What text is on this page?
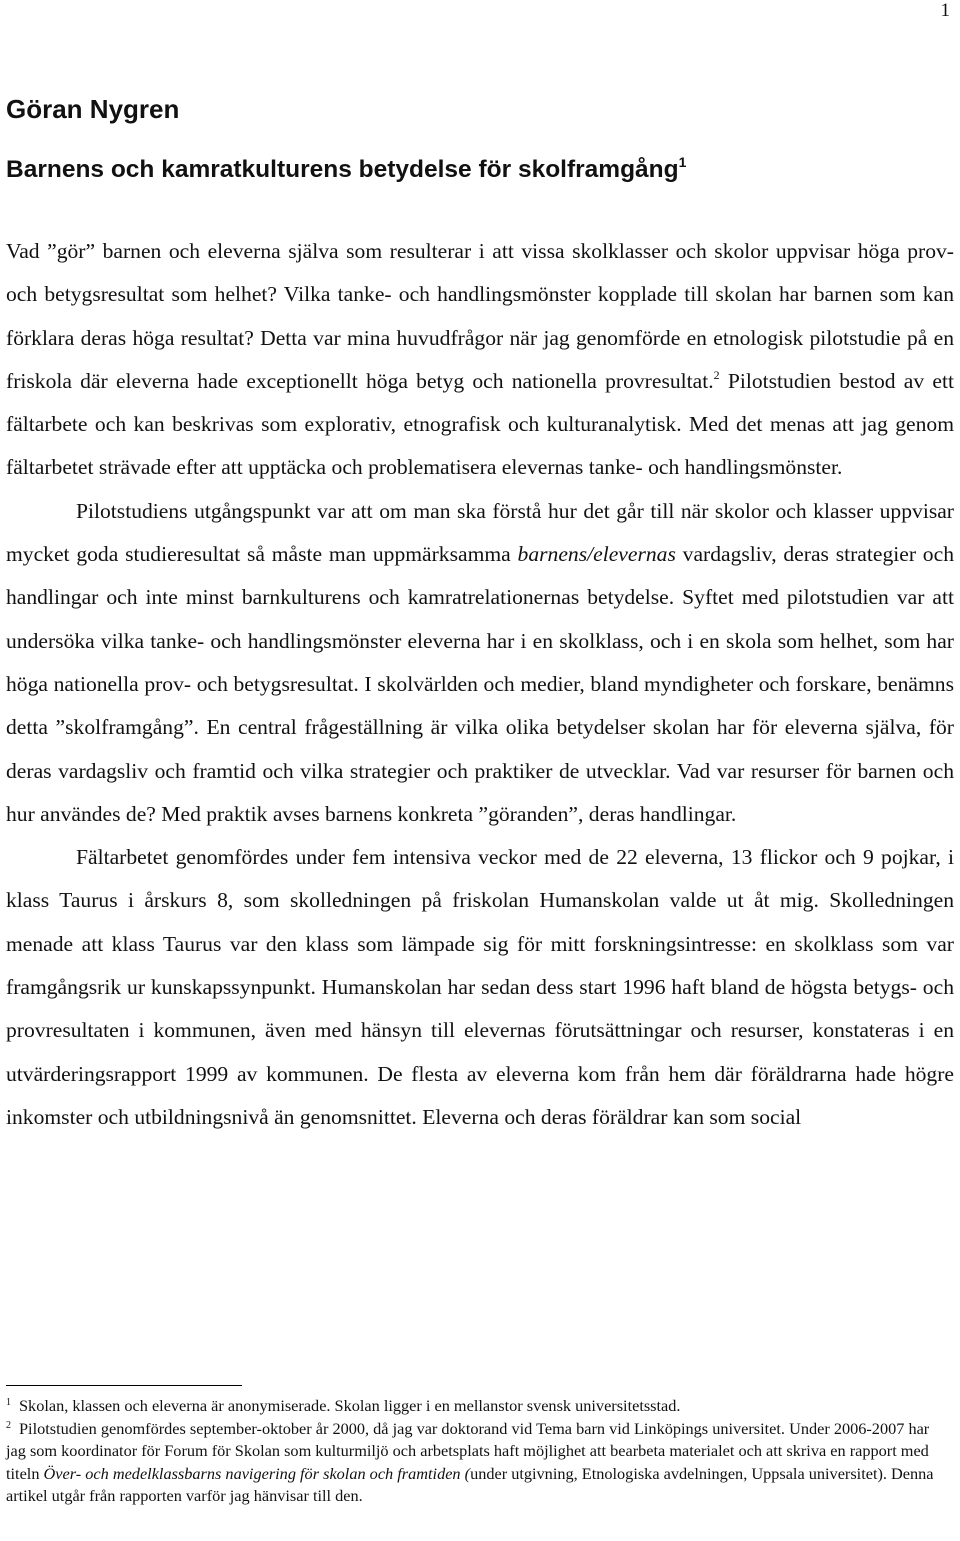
1
Göran Nygren
Barnens och kamratkulturens betydelse för skolframgång$^1$

Vad ”gör” barnen och eleverna själva som resulterar i att vissa skolklasser och skolor uppvisar höga prov- och betygsresultat som helhet? Vilka tanke- och handlingsmönster kopplade till skolan har barnen som kan förklara deras höga resultat? Detta var mina huvudfrågor när jag genomförde en etnologisk pilotstudie på en friskola där eleverna hade exceptionellt höga betyg och nationella provresultat.$^2$ Pilotstudien bestod av ett fältarbete och kan beskrivas som explorativ, etnografisk och kulturanalytisk. Med det menas att jag genom fältarbetet strävade efter att upptäcka och problematisera elevernas tanke- och handlingsmönster.

Pilotstudiens utgångspunkt var att om man ska förstå hur det går till när skolor och klasser uppvisar mycket goda studieresultat så måste man uppmärksamma barnens/elevernas vardagsliv, deras strategier och handlingar och inte minst barnkulturens och kamratrelationernas betydelse. Syftet med pilotstudien var att undersöka vilka tanke- och handlingsmönster eleverna har i en skolklass, och i en skola som helhet, som har höga nationella prov- och betygsresultat. I skolvärlden och medier, bland myndigheter och forskare, benämns detta ”skolframgång”. En central frågeställning är vilka olika betydelser skolan har för eleverna själva, för deras vardagsliv och framtid och vilka strategier och praktiker de utvecklar. Vad var resurser för barnen och hur användes de? Med praktik avses barnens konkreta ”göranden”, deras handlingar.

Fältarbetet genomfördes under fem intensiva veckor med de 22 eleverna, 13 flickor och 9 pojkar, i klass Taurus i årskurs 8, som skolledningen på friskolan Humanskolan valde ut åt mig. Skolledningen menade att klass Taurus var den klass som lämpade sig för mitt forskningsintresse: en skolklass som var framgångsrik ur kunskapssynpunkt. Humanskolan har sedan dess start 1996 haft bland de högsta betygs- och provresultaten i kommunen, även med hänsyn till elevernas förutsättningar och resurser, konstateras i en utvärderingsrapport 1999 av kommunen. De flesta av eleverna kom från hem där föräldrarna hade högre inkomster och utbildningsnivå än genomsnittet. Eleverna och deras föräldrar kan som social

$^1$ Skolan, klassen och eleverna är anonymiserade. Skolan ligger i en mellanstor svensk universitetsstad.

$^2$ Pilotstudien genomfördes september-oktober år 2000, då jag var doktorand vid Tema barn vid Linköpings universitet. Under 2006-2007 har jag som koordinator för Forum för Skolan som kulturmiljö och arbetsplats haft möjlighet att bearbeta materialet och att skriva en rapport med titeln Över- och medelklassbarns navigering för skolan och framtiden (under utgivning, Etnologiska avdelningen, Uppsala universitet). Denna artikel utgår från rapporten varför jag hänvisar till den.
